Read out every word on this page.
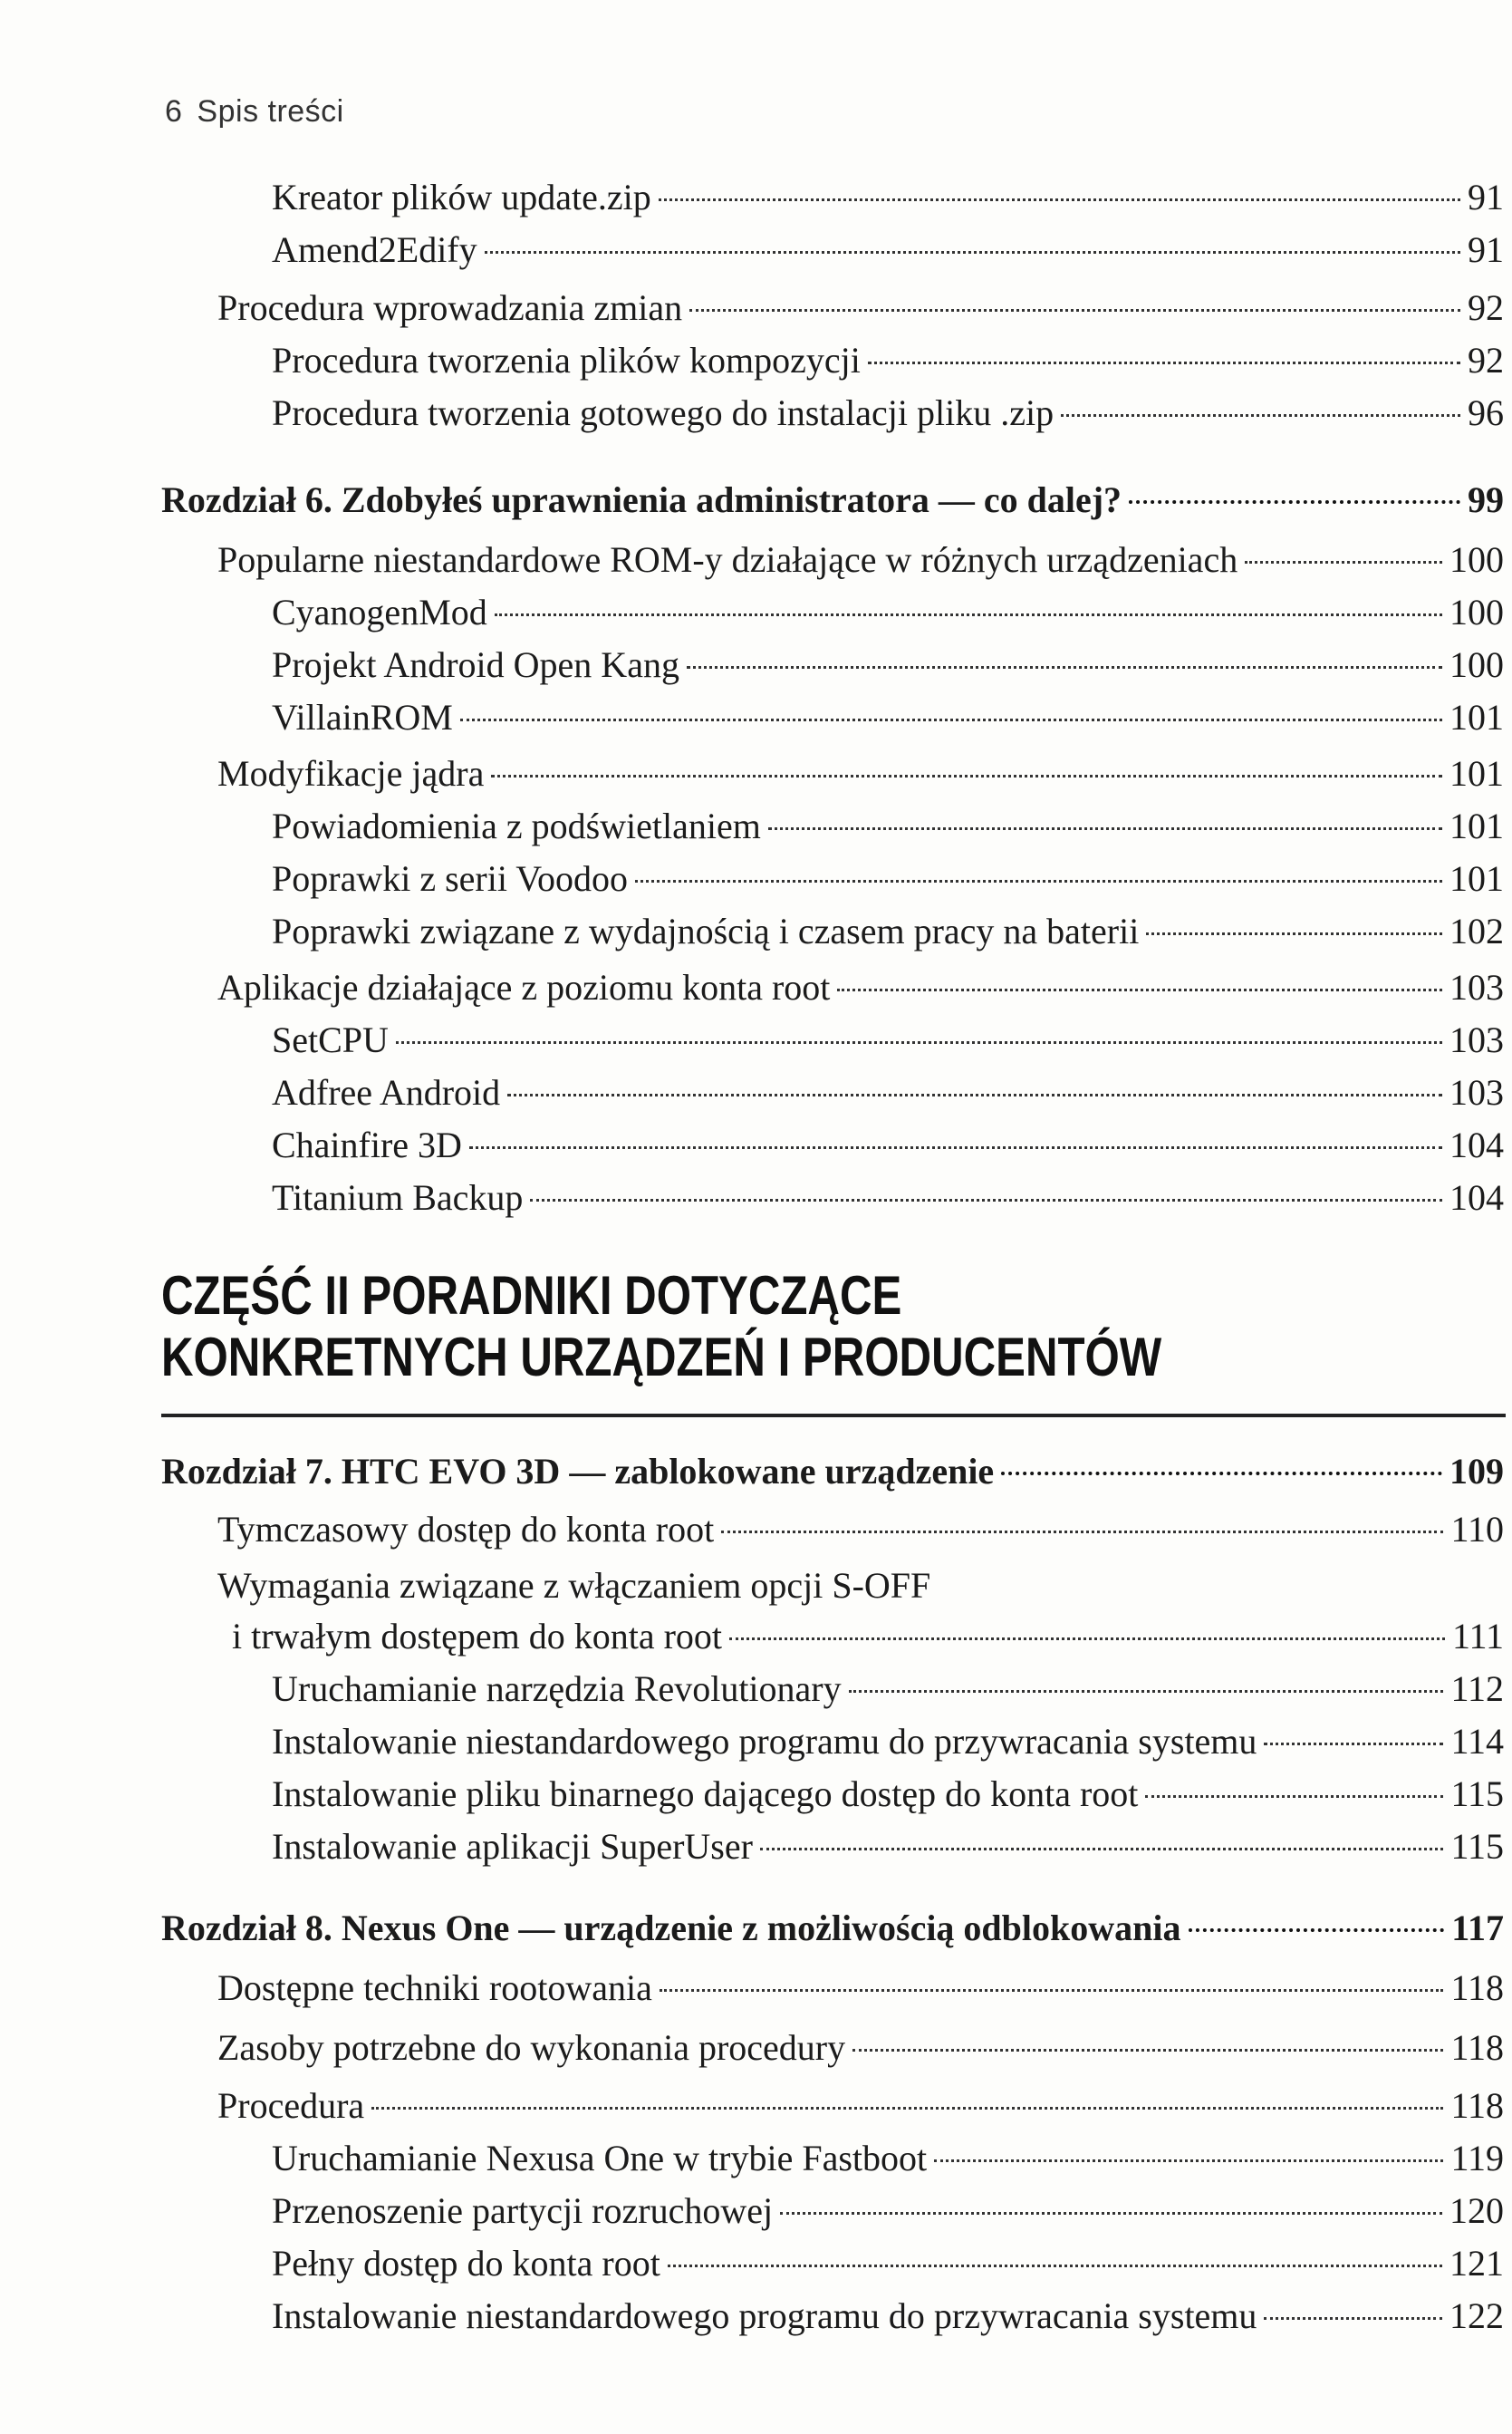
6 Spis treści
Kreator plików update.zip	91
Amend2Edify	91
Procedura wprowadzania zmian	92
Procedura tworzenia plików kompozycji	92
Procedura tworzenia gotowego do instalacji pliku .zip	96
Rozdział 6. Zdobyłeś uprawnienia administratora — co dalej?	99
Popularne niestandardowe ROM-y działające w różnych urządzeniach	100
CyanogenMod	100
Projekt Android Open Kang	100
VillainROM	101
Modyfikacje jądra	101
Powiadomienia z podświetlaniem	101
Poprawki z serii Voodoo	101
Poprawki związane z wydajnością i czasem pracy na baterii	102
Aplikacje działające z poziomu konta root	103
SetCPU	103
Adfree Android	103
Chainfire 3D	104
Titanium Backup	104
CZĘŚĆ II PORADNIKI DOTYCZĄCE
KONKRETNYCH URZĄDZEŃ I PRODUCENTÓW
Rozdział 7. HTC EVO 3D — zablokowane urządzenie	109
Tymczasowy dostęp do konta root	110
Wymagania związane z włączaniem opcji S-OFF
i trwałym dostępem do konta root	111
Uruchamianie narzędzia Revolutionary	112
Instalowanie niestandardowego programu do przywracania systemu	114
Instalowanie pliku binarnego dającego dostęp do konta root	115
Instalowanie aplikacji SuperUser	115
Rozdział 8. Nexus One — urządzenie z możliwością odblokowania	117
Dostępne techniki rootowania	118
Zasoby potrzebne do wykonania procedury	118
Procedura	118
Uruchamianie Nexusa One w trybie Fastboot	119
Przenoszenie partycji rozruchowej	120
Pełny dostęp do konta root	121
Instalowanie niestandardowego programu do przywracania systemu	122
